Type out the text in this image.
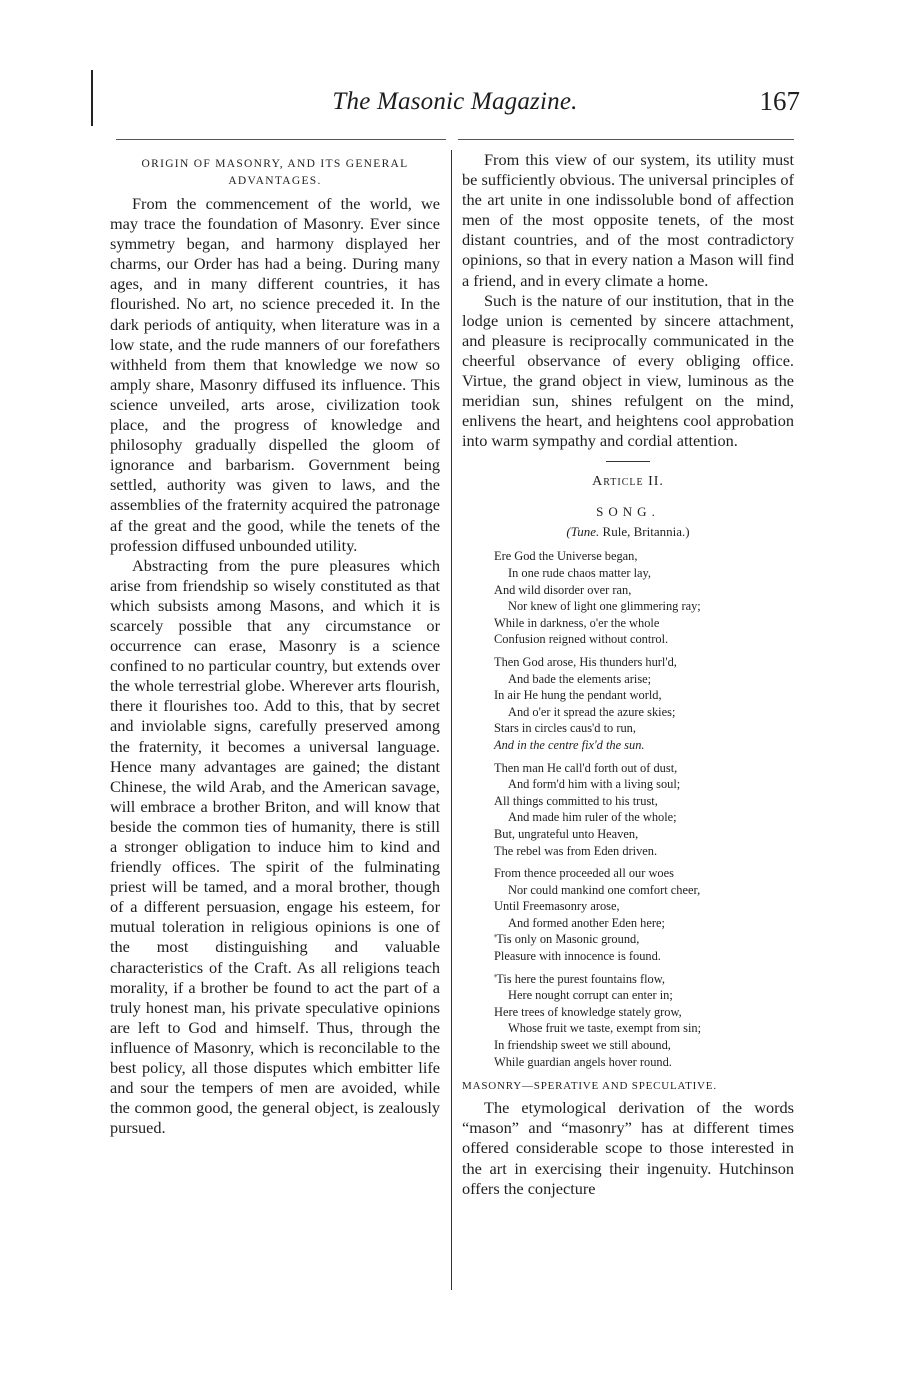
The Masonic Magazine.	167
ORIGIN OF MASONRY, AND ITS GENERAL ADVANTAGES.

From the commencement of the world, we may trace the foundation of Masonry. Ever since symmetry began, and harmony displayed her charms, our Order has had a being. During many ages, and in many different countries, it has flourished. No art, no science preceded it. In the dark periods of antiquity, when literature was in a low state, and the rude manners of our forefathers withheld from them that knowledge we now so amply share, Masonry diffused its influence. This science unveiled, arts arose, civilization took place, and the progress of knowledge and philosophy gradually dispelled the gloom of ignorance and barbarism. Government being settled, authority was given to laws, and the assemblies of the fraternity acquired the patronage af the great and the good, while the tenets of the profession diffused unbounded utility.

Abstracting from the pure pleasures which arise from friendship so wisely constituted as that which subsists among Masons, and which it is scarcely possible that any circumstance or occurrence can erase, Masonry is a science confined to no particular country, but extends over the whole terrestrial globe. Wherever arts flourish, there it flourishes too. Add to this, that by secret and inviolable signs, carefully preserved among the fraternity, it becomes a universal language. Hence many advantages are gained; the distant Chinese, the wild Arab, and the American savage, will embrace a brother Briton, and will know that beside the common ties of humanity, there is still a stronger obligation to induce him to kind and friendly offices. The spirit of the fulminating priest will be tamed, and a moral brother, though of a different persuasion, engage his esteem, for mutual toleration in religious opinions is one of the most distinguishing and valuable characteristics of the Craft. As all religions teach morality, if a brother be found to act the part of a truly honest man, his private speculative opinions are left to God and himself. Thus, through the influence of Masonry, which is reconcilable to the best policy, all those disputes which embitter life and sour the tempers of men are avoided, while the common good, the general object, is zealously pursued.

From this view of our system, its utility must be sufficiently obvious. The universal principles of the art unite in one indissoluble bond of affection men of the most opposite tenets, of the most distant countries, and of the most contradictory opinions, so that in every nation a Mason will find a friend, and in every climate a home.

Such is the nature of our institution, that in the lodge union is cemented by sincere attachment, and pleasure is reciprocally communicated in the cheerful observance of every obliging office. Virtue, the grand object in view, luminous as the meridian sun, shines refulgent on the mind, enlivens the heart, and heightens cool approbation into warm sympathy and cordial attention.

Article II.
SONG.
(Tune. Rule, Britannia.)
Ere God the Universe began,
In one rude chaos matter lay,
And wild disorder over ran,
Nor knew of light one glimmering ray;
While in darkness, o'er the whole
Confusion reigned without control.
Then God arose, His thunders hurl'd,
And bade the elements arise;
In air He hung the pendant world,
And o'er it spread the azure skies;
Stars in circles caus'd to run,
And in the centre fix'd the sun.
Then man He call'd forth out of dust,
And form'd him with a living soul;
All things committed to his trust,
And made him ruler of the whole;
But, ungrateful unto Heaven,
The rebel was from Eden driven.
From thence proceeded all our woes
Nor could mankind one comfort cheer,
Until Freemasonry arose,
And formed another Eden here;
'Tis only on Masonic ground,
Pleasure with innocence is found.
'Tis here the purest fountains flow,
Here nought corrupt can enter in;
Here trees of knowledge stately grow,
Whose fruit we taste, exempt from sin;
In friendship sweet we still abound,
While guardian angels hover round.
MASONRY—SPERATIVE AND SPECULATIVE.

The etymological derivation of the words “mason” and “masonry” has at different times offered considerable scope to those interested in the art in exercising their ingenuity. Hutchinson offers the conjecture
